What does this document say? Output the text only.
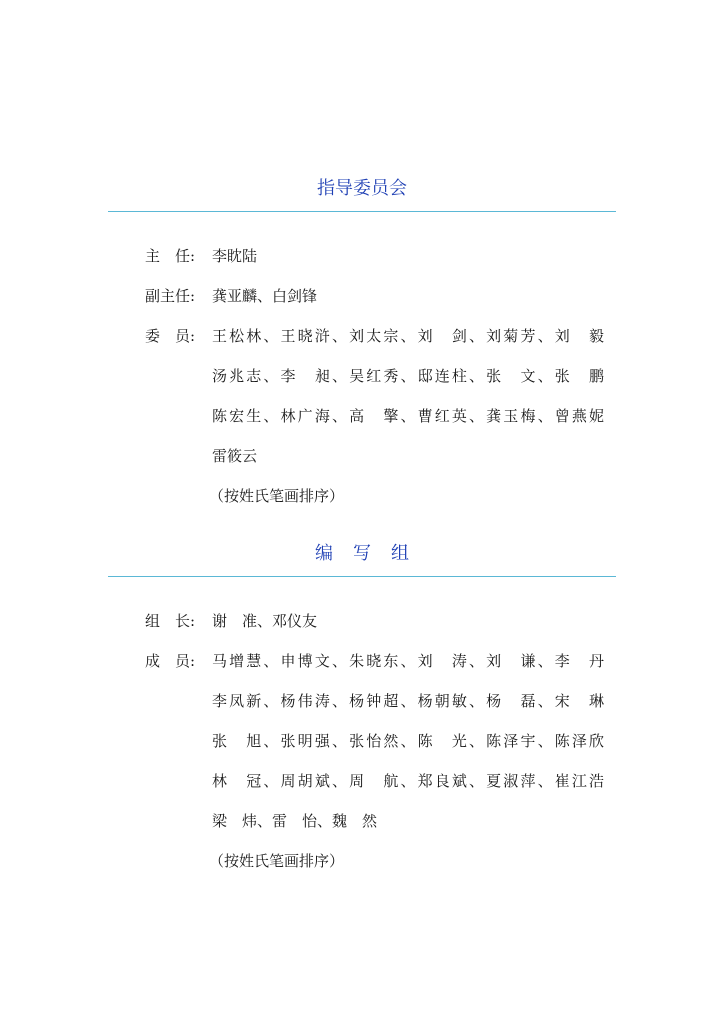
指导委员会
主　任:	李眈陆
副主任:	龚亚麟、白剑锋
委　员:	王松林、王晓浒、刘太宗、刘　剑、刘菊芳、刘　毅
汤兆志、李　昶、吴红秀、邸连柱、张　文、张　鹏
陈宏生、林广海、高　擎、曹红英、龚玉梅、曾燕妮
雷筱云
（按姓氏笔画排序）
编写组
组　长:	谢　准、邓仪友
成　员:	马增慧、申博文、朱晓东、刘　涛、刘　谦、李　丹
李凤新、杨伟涛、杨钟超、杨朝敏、杨　磊、宋　琳
张　旭、张明强、张怡然、陈　光、陈泽宇、陈泽欣
林　冠、周胡斌、周　航、郑良斌、夏淑萍、崔江浩
梁　炜、雷　怡、魏　然
（按姓氏笔画排序）
